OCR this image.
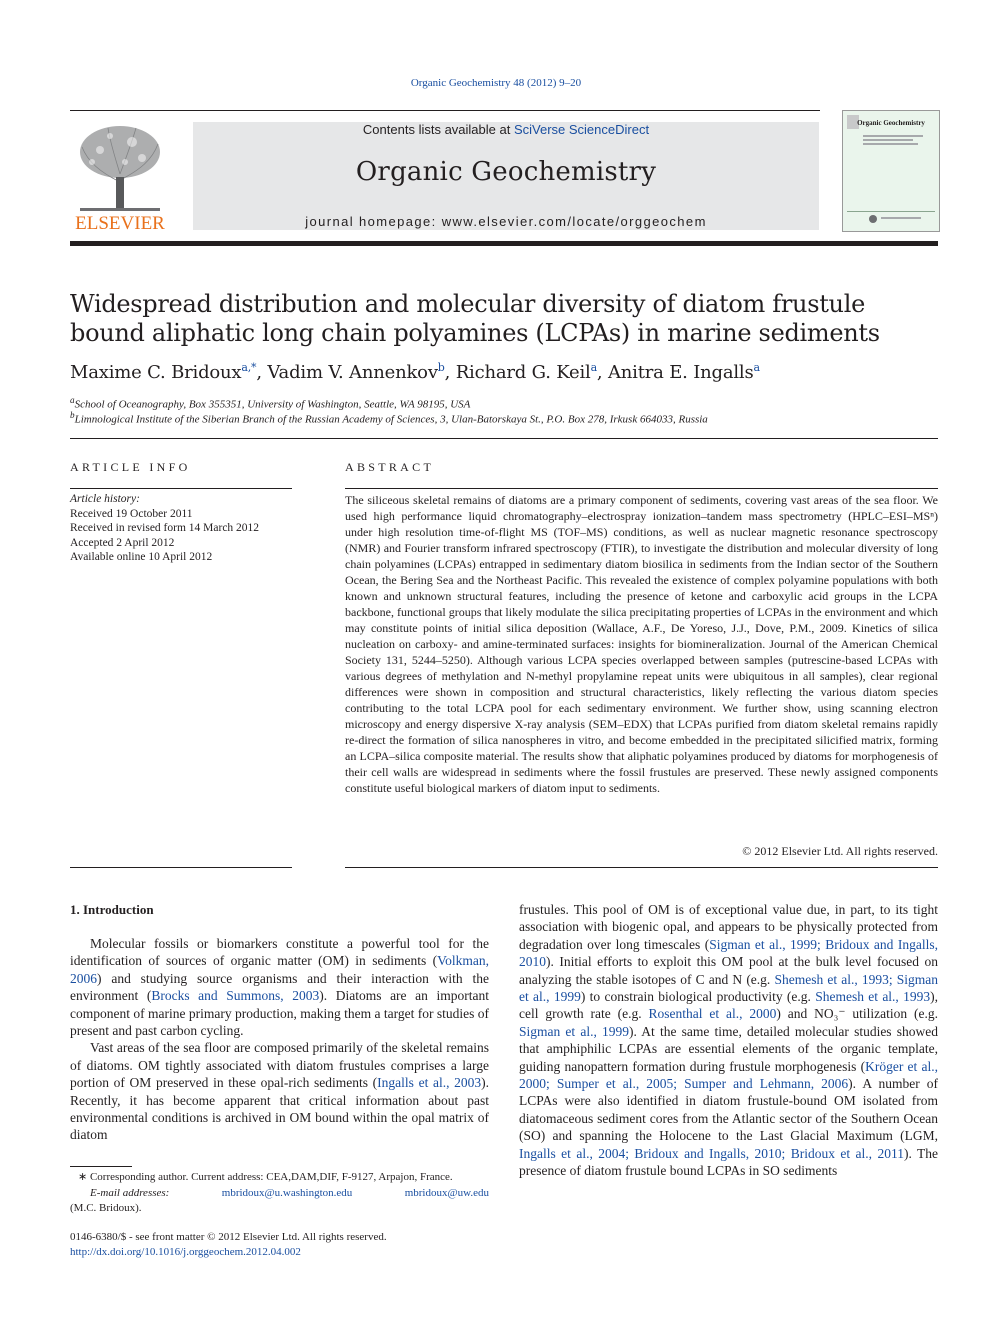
Organic Geochemistry 48 (2012) 9–20
ELSEVIER
Contents lists available at SciVerse ScienceDirect
Organic Geochemistry
journal homepage: www.elsevier.com/locate/orggeochem
Organic Geochemistry
Widespread distribution and molecular diversity of diatom frustule bound aliphatic long chain polyamines (LCPAs) in marine sediments
Maxime C. Bridoux$^{a,*}$, Vadim V. Annenkov$^b$, Richard G. Keil$^a$, Anitra E. Ingalls$^a$
$^a$School of Oceanography, Box 355351, University of Washington, Seattle, WA 98195, USA
$^b$Limnological Institute of the Siberian Branch of the Russian Academy of Sciences, 3, Ulan-Batorskaya St., P.O. Box 278, Irkusk 664033, Russia
ARTICLE INFO	ABSTRACT
Article history:
Received 19 October 2011
Received in revised form 14 March 2012
Accepted 2 April 2012
Available online 10 April 2012
The siliceous skeletal remains of diatoms are a primary component of sediments, covering vast areas of the sea floor. We used high performance liquid chromatography–electrospray ionization–tandem mass spectrometry (HPLC–ESI–MSⁿ) under high resolution time-of-flight MS (TOF–MS) conditions, as well as nuclear magnetic resonance spectroscopy (NMR) and Fourier transform infrared spectroscopy (FTIR), to investigate the distribution and molecular diversity of long chain polyamines (LCPAs) entrapped in sedimentary diatom biosilica in sediments from the Indian sector of the Southern Ocean, the Bering Sea and the Northeast Pacific. This revealed the existence of complex polyamine populations with both known and unknown structural features, including the presence of ketone and carboxylic acid groups in the LCPA backbone, functional groups that likely modulate the silica precipitating properties of LCPAs in the environment and which may constitute points of initial silica deposition (Wallace, A.F., De Yoreso, J.J., Dove, P.M., 2009. Kinetics of silica nucleation on carboxy- and amine-terminated surfaces: insights for biomineralization. Journal of the American Chemical Society 131, 5244–5250). Although various LCPA species overlapped between samples (putrescine-based LCPAs with various degrees of methylation and N-methyl propylamine repeat units were ubiquitous in all samples), clear regional differences were shown in composition and structural characteristics, likely reflecting the various diatom species contributing to the total LCPA pool for each sedimentary environment. We further show, using scanning electron microscopy and energy dispersive X-ray analysis (SEM–EDX) that LCPAs purified from diatom skeletal remains rapidly re-direct the formation of silica nanospheres in vitro, and become embedded in the precipitated silicified matrix, forming an LCPA–silica composite material. The results show that aliphatic polyamines produced by diatoms for morphogenesis of their cell walls are widespread in sediments where the fossil frustules are preserved. These newly assigned components constitute useful biological markers of diatom input to sediments.
© 2012 Elsevier Ltd. All rights reserved.
1. Introduction

Molecular fossils or biomarkers constitute a powerful tool for the identification of sources of organic matter (OM) in sediments (Volkman, 2006) and studying source organisms and their interaction with the environment (Brocks and Summons, 2003). Diatoms are an important component of marine primary production, making them a target for studies of present and past carbon cycling.

Vast areas of the sea floor are composed primarily of the skeletal remains of diatoms. OM tightly associated with diatom frustules comprises a large portion of OM preserved in these opal-rich sediments (Ingalls et al., 2003). Recently, it has become apparent that critical information about past environmental conditions is archived in OM bound within the opal matrix of diatom

frustules. This pool of OM is of exceptional value due, in part, to its tight association with biogenic opal, and appears to be physically protected from degradation over long timescales (Sigman et al., 1999; Bridoux and Ingalls, 2010). Initial efforts to exploit this OM pool at the bulk level focused on analyzing the stable isotopes of C and N (e.g. Shemesh et al., 1993; Sigman et al., 1999) to constrain biological productivity (e.g. Shemesh et al., 1993), cell growth rate (e.g. Rosenthal et al., 2000) and NO₃⁻ utilization (e.g. Sigman et al., 1999). At the same time, detailed molecular studies showed that amphiphilic LCPAs are essential elements of the organic template, guiding nanopattern formation during frustule morphogenesis (Kröger et al., 2000; Sumper et al., 2005; Sumper and Lehmann, 2006). A number of LCPAs were also identified in diatom frustule-bound OM isolated from diatomaceous sediment cores from the Atlantic sector of the Southern Ocean (SO) and spanning the Holocene to the Last Glacial Maximum (LGM, Ingalls et al., 2004; Bridoux and Ingalls, 2010; Bridoux et al., 2011). The presence of diatom frustule bound LCPAs in SO sediments

∗ Corresponding author. Current address: CEA,DAM,DIF, F-9127, Arpajon, France.
E-mail addresses:	mbridoux@u.washington.edu	mbridoux@uw.edu
(M.C. Bridoux).
0146-6380/$ - see front matter © 2012 Elsevier Ltd. All rights reserved.
http://dx.doi.org/10.1016/j.orggeochem.2012.04.002
